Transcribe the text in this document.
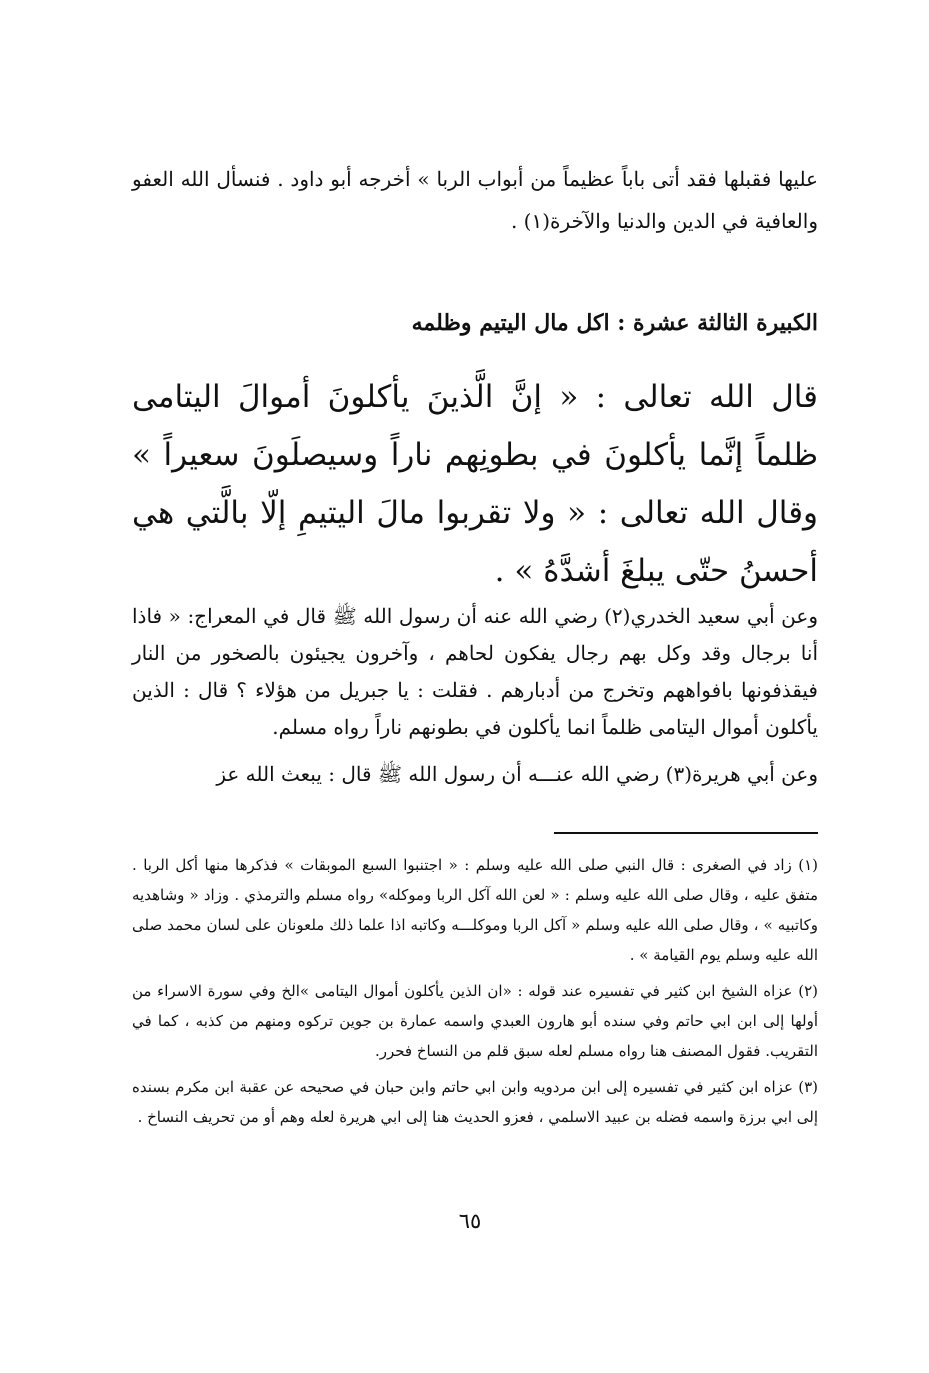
عليها فقبلها فقد أتى باباً عظيماً من أبواب الربا » أخرجه أبو داود . فنسأل الله العفو والعافية في الدين والدنيا والآخرة(١) .
الكبيرة الثالثة عشرة : اكل مال اليتيم وظلمه
قال الله تعالى : « إنَّ الَّذينَ يأكلونَ أموالَ اليتامى ظلماً إنَّما يأكلونَ في بطونِهم ناراً وسيصلَونَ سعيراً » وقال الله تعالى : « ولا تقربوا مالَ اليتيمِ إلّا بالَّتي هي أحسنُ حتّى يبلغَ أشدَّهُ » .

وعن أبي سعيد الخدري(٢) رضي الله عنه أن رسول الله ﷺ قال في المعراج: « فاذا أنا برجال وقد وكل بهم رجال يفكون لحاهم ، وآخرون يجيئون بالصخور من النار فيقذفونها بافواههم وتخرج من أدبارهم . فقلت : يا جبريل من هؤلاء ؟ قال : الذين يأكلون أموال اليتامى ظلماً انما يأكلون في بطونهم ناراً رواه مسلم.

وعن أبي هريرة(٣) رضي الله عنـــه أن رسول الله ﷺ قال : يبعث الله عز

(١) زاد في الصغرى : قال النبي صلى الله عليه وسلم : « اجتنبوا السبع الموبقات » فذكرها منها أكل الربا . متفق عليه ، وقال صلى الله عليه وسلم : « لعن الله آكل الربا وموكله» رواه مسلم والترمذي . وزاد « وشاهديه وكاتبيه » ، وقال صلى الله عليه وسلم « آكل الربا وموكلـــه وكاتبه اذا علما ذلك ملعونان على لسان محمد صلى الله عليه وسلم يوم القيامة » .

(٢) عزاه الشيخ ابن كثير في تفسيره عند قوله : «ان الذين يأكلون أموال اليتامى »الخ وفي سورة الاسراء من أولها إلى ابن ابي حاتم وفي سنده أبو هارون العبدي واسمه عمارة بن جوين تركوه ومنهم من كذبه ، كما في التقريب. فقول المصنف هنا رواه مسلم لعله سبق قلم من النساخ فحرر.

(٣) عزاه ابن كثير في تفسيره إلى ابن مردويه وابن ابي حاتم وابن حبان في صحيحه عن عقبة ابن مكرم بسنده إلى ابي برزة واسمه فضله بن عبيد الاسلمي ، فعزو الحديث هنا إلى ابي هريرة لعله وهم أو من تحريف النساخ .

٦٥
